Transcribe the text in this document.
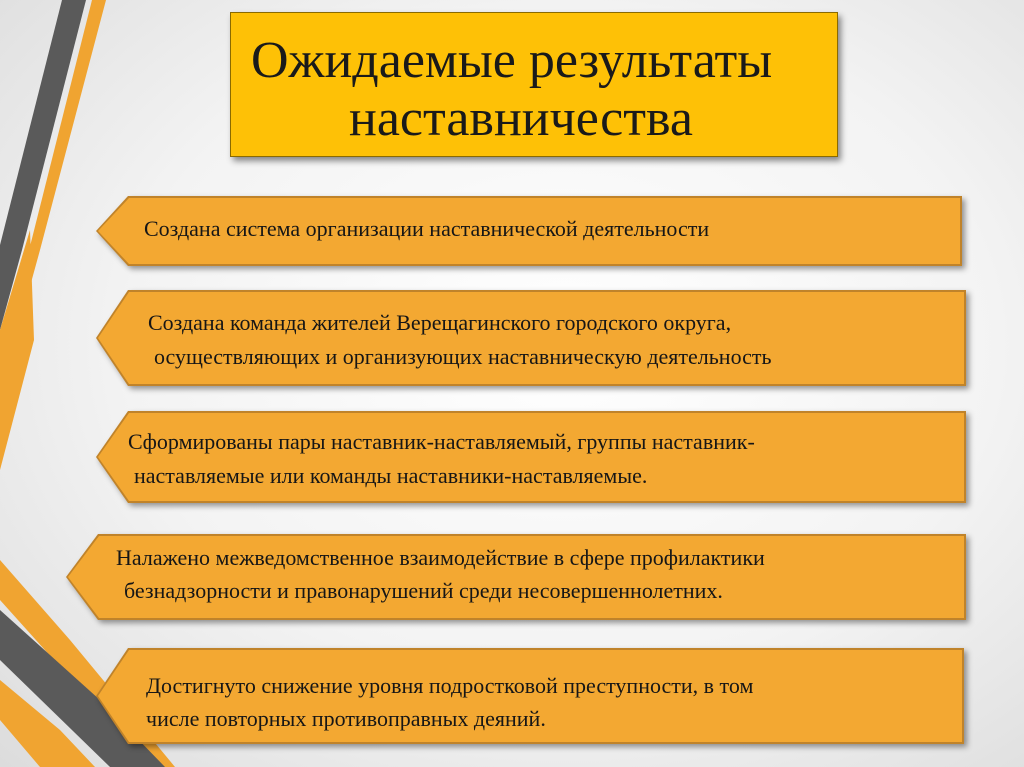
Ожидаемые результаты
наставничества
Создана система организации наставнической деятельности
Создана команда жителей Верещагинского городского округа,
осуществляющих и организующих наставническую деятельность
Сформированы пары наставник-наставляемый, группы наставник-
наставляемые или команды наставники-наставляемые.
Налажено межведомственное взаимодействие в сфере профилактики
безнадзорности и правонарушений среди несовершеннолетних.
Достигнуто снижение уровня подростковой преступности, в том
числе повторных противоправных деяний.
